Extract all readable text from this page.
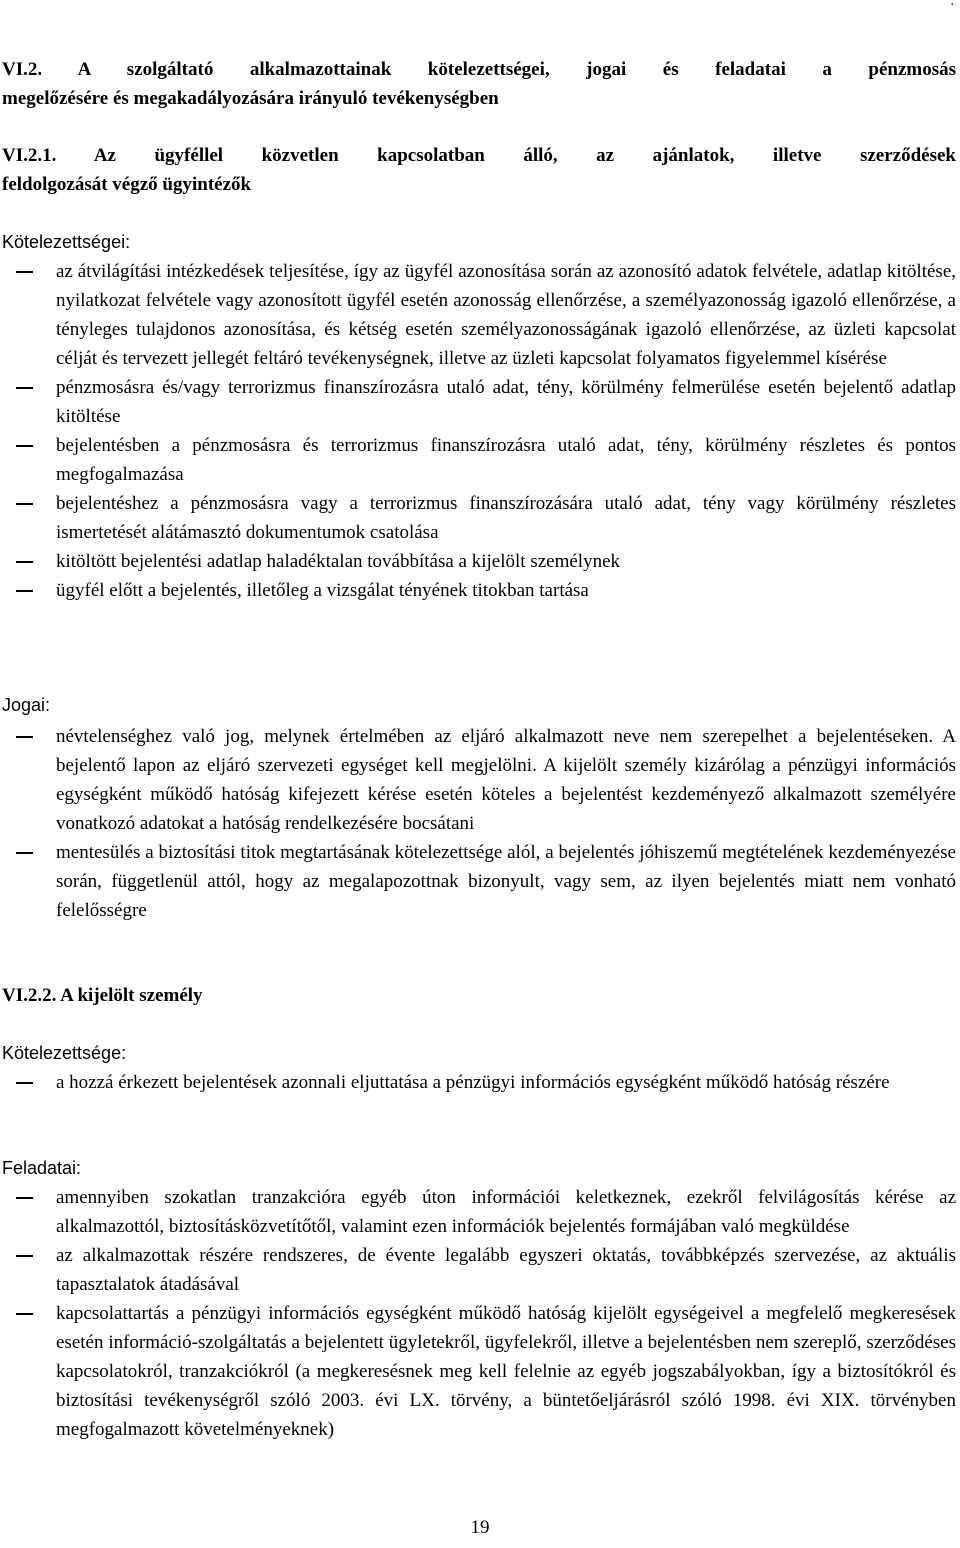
.
VI.2. A szolgáltató alkalmazottainak kötelezettségei, jogai és feladatai a pénzmosás
megelőzésére és megakadályozására irányuló tevékenységben
VI.2.1. Az ügyféllel közvetlen kapcsolatban álló, az ajánlatok, illetve szerződések
feldolgozását végző ügyintézők
Kötelezettségei:
az átvilágítási intézkedések teljesítése, így az ügyfél azonosítása során az azonosító adatok felvétele, adatlap kitöltése, nyilatkozat felvétele vagy azonosított ügyfél esetén azonosság ellenőrzése, a személyazonosság igazoló ellenőrzése, a tényleges tulajdonos azonosítása, és kétség esetén személyazonosságának igazoló ellenőrzése, az üzleti kapcsolat célját és tervezett jellegét feltáró tevékenységnek, illetve az üzleti kapcsolat folyamatos figyelemmel kísérése
pénzmosásra és/vagy terrorizmus finanszírozásra utaló adat, tény, körülmény felmerülése esetén bejelentő adatlap kitöltése
bejelentésben a pénzmosásra és terrorizmus finanszírozásra utaló adat, tény, körülmény részletes és pontos megfogalmazása
bejelentéshez a pénzmosásra vagy a terrorizmus finanszírozására utaló adat, tény vagy körülmény részletes ismertetését alátámasztó dokumentumok csatolása
kitöltött bejelentési adatlap haladéktalan továbbítása a kijelölt személynek
ügyfél előtt a bejelentés, illetőleg a vizsgálat tényének titokban tartása
Jogai:
névtelenséghez való jog, melynek értelmében az eljáró alkalmazott neve nem szerepelhet a bejelentéseken. A bejelentő lapon az eljáró szervezeti egységet kell megjelölni. A kijelölt személy kizárólag a pénzügyi információs egységként működő hatóság kifejezett kérése esetén köteles a bejelentést kezdeményező alkalmazott személyére vonatkozó adatokat a hatóság rendelkezésére bocsátani
mentesülés a biztosítási titok megtartásának kötelezettsége alól, a bejelentés jóhiszemű megtételének kezdeményezése során, függetlenül attól, hogy az megalapozottnak bizonyult, vagy sem, az ilyen bejelentés miatt nem vonható felelősségre
VI.2.2. A kijelölt személy
Kötelezettsége:
a hozzá érkezett bejelentések azonnali eljuttatása a pénzügyi információs egységként működő hatóság részére
Feladatai:
amennyiben szokatlan tranzakcióra egyéb úton információi keletkeznek, ezekről felvilágosítás kérése az alkalmazottól, biztosításközvetítőtől, valamint ezen információk bejelentés formájában való megküldése
az alkalmazottak részére rendszeres, de évente legalább egyszeri oktatás, továbbképzés szervezése, az aktuális tapasztalatok átadásával
kapcsolattartás a pénzügyi információs egységként működő hatóság kijelölt egységeivel a megfelelő megkeresések esetén információ-szolgáltatás a bejelentett ügyletekről, ügyfelekről, illetve a bejelentésben nem szereplő, szerződéses kapcsolatokról, tranzakciókról (a megkeresésnek meg kell felelnie az egyéb jogszabályokban, így a biztosítókról és biztosítási tevékenységről szóló 2003. évi LX. törvény, a büntetőeljárásról szóló 1998. évi XIX. törvényben megfogalmazott követelményeknek)
19
